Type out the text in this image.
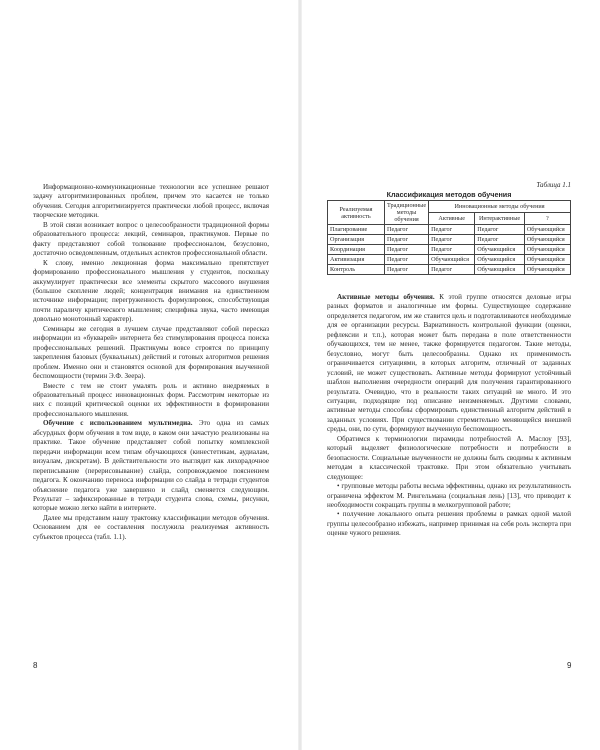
Информационно-коммуникационные технологии все успешнее решают задачу алгоритмизированных проблем, причем это касается не только обучения. Сегодня алгоритмизируется практически любой процесс, включая творческие методики.

В этой связи возникает вопрос о целесообразности традиционной формы образовательного процесса: лекций, семинаров, практикумов. Первые по факту представляют собой толкование профессионалом, безусловно, достаточно осведомленным, отдельных аспектов профессиональной области.

К слову, именно лекционная форма максимально препятствует формированию профессионального мышления у студентов, поскольку аккумулирует практически все элементы скрытого массового внушения (большое скопление людей; концентрация внимания на единственном источнике информации; перегруженность формулировок, способствующая почти параличу критического мышления; специфика звука, часто имеющая довольно монотонный характер).

Семинары же сегодня в лучшем случае представляют собой пересказ информации из «букварей» интернета без стимулирования процесса поиска профессиональных решений. Практикумы вовсе строятся по принципу закрепления базовых (буквальных) действий и готовых алгоритмов решения проблем. Именно они и становятся основой для формирования выученной беспомощности (термин Э.Ф. Зеера).

Вместе с тем не стоит умалять роль и активно внедряемых в образовательный процесс инновационных форм. Рассмотрим некоторые из них с позиций критической оценки их эффективности в формировании профессионального мышления.

Обучение с использованием мультимедиа. Это одна из самых абсурдных форм обучения в том виде, в каком они зачастую реализованы на практике. Такое обучение представляет собой попытку комплексной передачи информации всем типам обучающихся (кинестетикам, аудиалам, визуалам, дискретам). В действительности это выглядит как лихорадочное переписывание (перерисовывание) слайда, сопровождаемое пояснением педагога. К окончанию переноса информации со слайда в тетради студентов объяснение педагога уже завершено и слайд сменяется следующим. Результат – зафиксированные в тетради студента слова, схемы, рисунки, которые можно легко найти в интернете.

Далее мы представим нашу трактовку классификации методов обучения. Основанием для ее составления послужила реализуемая активность субъектов процесса (табл. 1.1).

8
Таблица 1.1
Классификация методов обучения
Реализуемая активность	Традиционные методы обучения	Инновационные методы обучения		
		Активные	Интерактивные	?
Плагирование	Педагог	Педагог	Педагог	Обучающийся
Организация	Педагог	Педагог	Педагог	Обучающийся
Координация	Педагог	Педагог	Обучающийся	Обучающийся
Активизация	Педагог	Обучающийся	Обучающийся	Обучающийся
Контроль	Педагог	Педагог	Обучающийся	Обучающийся

Активные методы обучения. К этой группе относятся деловые игры разных форматов и аналогичные им формы. Существующее содержание определяется педагогом, им же ставится цель и подготавливаются необходимые для ее организации ресурсы. Вариативность контрольной функции (оценки, рефлексии и т.п.), которая может быть передана в поле ответственности обучающихся, тем не менее, также формируется педагогом. Такие методы, безусловно, могут быть целесообразны. Однако их применимость ограничивается ситуациями, в которых алгоритм, отличный от заданных условий, не может существовать. Активные методы формируют устойчивый шаблон выполнения очередности операций для получения гарантированного результата. Очевидно, что в реальности таких ситуаций не много. И это ситуации, подходящие под описание неизменяемых. Другими словами, активные методы способны сформировать единственный алгоритм действий в заданных условиях. При существовании стремительно меняющейся внешней среды, они, по сути, формируют выученную беспомощность.

Обратимся к терминологии пирамиды потребностей А. Маслоу [93], который выделяет физиологические потребности и потребности в безопасности. Социальные выученности не должны быть сводимы к активным методам в классической трактовке. При этом обязательно учитывать следующее:

• групповые методы работы весьма эффективны, однако их результативность ограничена эффектом М. Рингельмана (социальная лень) [13], что приводит к необходимости сокращать группы в мелкогрупповой работе;

• получение локального опыта решения проблемы в рамках одной малой группы целесообразно избежать, например принимая на себя роль эксперта при оценке чужого решения.

9
